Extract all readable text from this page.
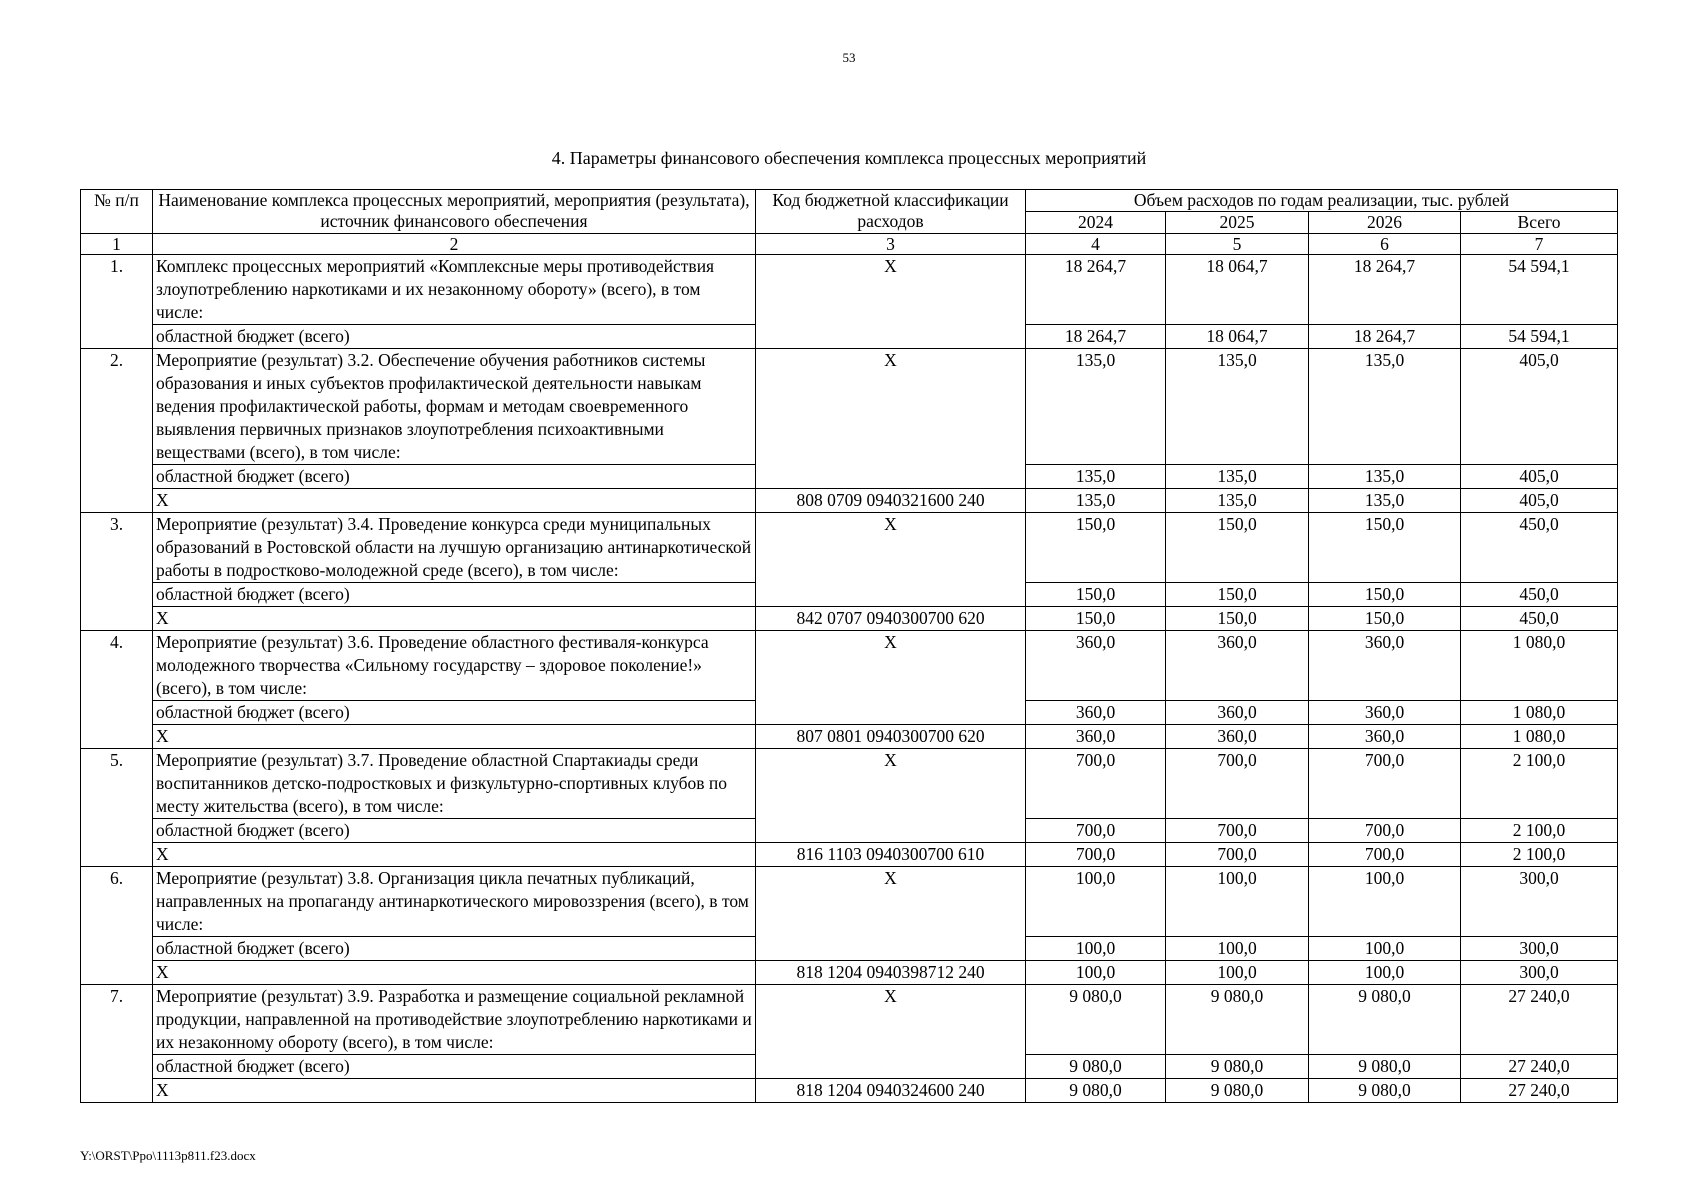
53
4. Параметры финансового обеспечения комплекса процессных мероприятий
№ п/п	Наименование комплекса процессных мероприятий, мероприятия (результата), источник финансового обеспечения	Код бюджетной классификации расходов	Объем расходов по годам реализации, тыс. рублей			
			2024	2025	2026	Всего
1	2	3	4	5	6	7
1.	Комплекс процессных мероприятий «Комплексные меры противодействия злоупотреблению наркотиками и их незаконному обороту» (всего), в том числе:	Х	18 264,7	18 064,7	18 264,7	54 594,1
	областной бюджет (всего)		18 264,7	18 064,7	18 264,7	54 594,1
2.	Мероприятие (результат) 3.2. Обеспечение обучения работников системы образования и иных субъектов профилактической деятельности навыкам ведения профилактической работы, формам и методам своевременного выявления первичных признаков злоупотребления психоактивными веществами (всего), в том числе:	Х	135,0	135,0	135,0	405,0
	областной бюджет (всего)		135,0	135,0	135,0	405,0
	Х	808 0709 0940321600 240	135,0	135,0	135,0	405,0
3.	Мероприятие (результат) 3.4. Проведение конкурса среди муниципальных образований в Ростовской области на лучшую организацию антинаркотической работы в подростково-молодежной среде (всего), в том числе:	Х	150,0	150,0	150,0	450,0
	областной бюджет (всего)		150,0	150,0	150,0	450,0
	Х	842 0707 0940300700 620	150,0	150,0	150,0	450,0
4.	Мероприятие (результат) 3.6. Проведение областного фестиваля-конкурса молодежного творчества «Сильному государству – здоровое поколение!» (всего), в том числе:	Х	360,0	360,0	360,0	1 080,0
	областной бюджет (всего)		360,0	360,0	360,0	1 080,0
	Х	807 0801 0940300700 620	360,0	360,0	360,0	1 080,0
5.	Мероприятие (результат) 3.7. Проведение областной Спартакиады среди воспитанников детско-подростковых и физкультурно-спортивных клубов по месту жительства (всего), в том числе:	Х	700,0	700,0	700,0	2 100,0
	областной бюджет (всего)		700,0	700,0	700,0	2 100,0
	Х	816 1103 0940300700 610	700,0	700,0	700,0	2 100,0
6.	Мероприятие (результат) 3.8. Организация цикла печатных публикаций, направленных на пропаганду антинаркотического мировоззрения (всего), в том числе:	Х	100,0	100,0	100,0	300,0
	областной бюджет (всего)		100,0	100,0	100,0	300,0
	Х	818 1204 0940398712 240	100,0	100,0	100,0	300,0
7.	Мероприятие (результат) 3.9. Разработка и размещение социальной рекламной продукции, направленной на противодействие злоупотреблению наркотиками и их незаконному обороту (всего), в том числе:	Х	9 080,0	9 080,0	9 080,0	27 240,0
	областной бюджет (всего)		9 080,0	9 080,0	9 080,0	27 240,0
	Х	818 1204 0940324600 240	9 080,0	9 080,0	9 080,0	27 240,0
Y:\ORST\Ppo\1113p811.f23.docx
